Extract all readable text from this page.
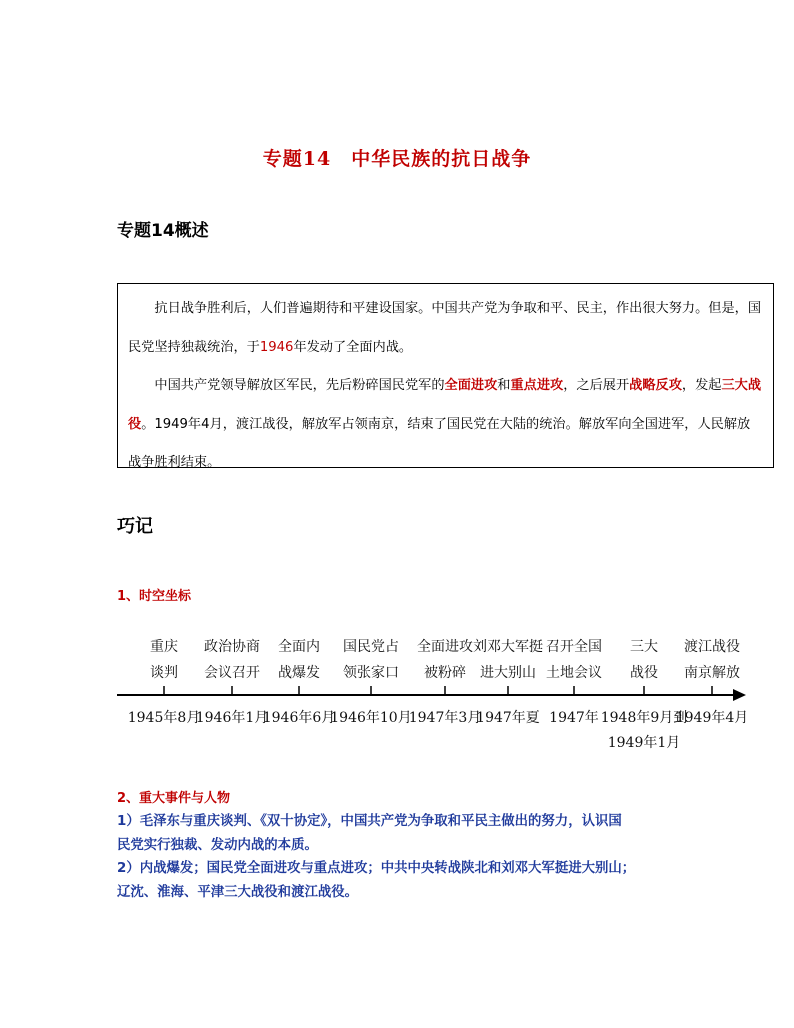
专题14　中华民族的抗日战争
专题14概述

抗日战争胜利后，人们普遍期待和平建设国家。中国共产党为争取和平、民主，作出很大努力。但是，国民党坚持独裁统治，于1946年发动了全面内战。

中国共产党领导解放区军民，先后粉碎国民党军的全面进攻和重点进攻，之后展开战略反攻，发起三大战役。1949年4月，渡江战役，解放军占领南京，结束了国民党在大陆的统治。解放军向全国进军，人民解放战争胜利结束。

巧记
1、时空坐标
重庆
谈判
1945年8月
政治协商
会议召开
1946年1月
全面内
战爆发
1946年6月
国民党占
领张家口
1946年10月
全面进攻
被粉碎
1947年3月
刘邓大军挺
进大别山
1947年夏
召开全国
土地会议
1947年
三大
战役
1948年9月到
1949年1月
渡江战役
南京解放
1949年4月
2、重大事件与人物

1）毛泽东与重庆谈判、《双十协定》，中国共产党为争取和平民主做出的努力，认识国

民党实行独裁、发动内战的本质。

2）内战爆发；国民党全面进攻与重点进攻；中共中央转战陕北和刘邓大军挺进大别山；

辽沈、淮海、平津三大战役和渡江战役。
